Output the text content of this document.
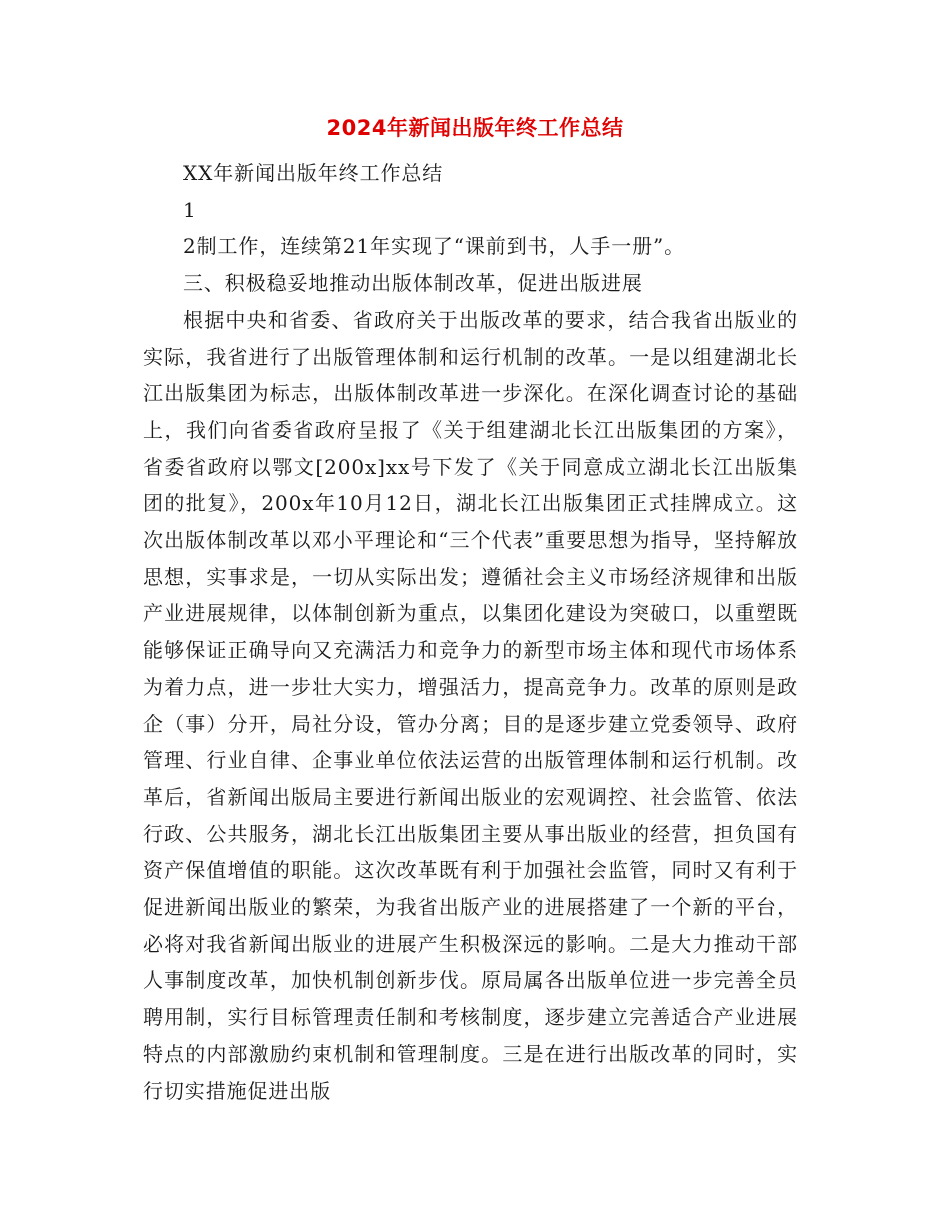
2024年新闻出版年终工作总结

XX年新闻出版年终工作总结

1

2制工作，连续第21年实现了“课前到书，人手一册”。

三、积极稳妥地推动出版体制改革，促进出版进展

根据中央和省委、省政府关于出版改革的要求，结合我省出版业的实际，我省进行了出版管理体制和运行机制的改革。一是以组建湖北长江出版集团为标志，出版体制改革进一步深化。在深化调查讨论的基础上，我们向省委省政府呈报了《关于组建湖北长江出版集团的方案》，省委省政府以鄂文[200x]xx号下发了《关于同意成立湖北长江出版集团的批复》，200x年10月12日，湖北长江出版集团正式挂牌成立。这次出版体制改革以邓小平理论和“三个代表”重要思想为指导，坚持解放思想，实事求是，一切从实际出发；遵循社会主义市场经济规律和出版产业进展规律，以体制创新为重点，以集团化建设为突破口，以重塑既能够保证正确导向又充满活力和竞争力的新型市场主体和现代市场体系为着力点，进一步壮大实力，增强活力，提高竞争力。改革的原则是政企（事）分开，局社分设，管办分离；目的是逐步建立党委领导、政府管理、行业自律、企事业单位依法运营的出版管理体制和运行机制。改革后，省新闻出版局主要进行新闻出版业的宏观调控、社会监管、依法行政、公共服务，湖北长江出版集团主要从事出版业的经营，担负国有资产保值增值的职能。这次改革既有利于加强社会监管，同时又有利于促进新闻出版业的繁荣，为我省出版产业的进展搭建了一个新的平台，必将对我省新闻出版业的进展产生积极深远的影响。二是大力推动干部人事制度改革，加快机制创新步伐。原局属各出版单位进一步完善全员聘用制，实行目标管理责任制和考核制度，逐步建立完善适合产业进展特点的内部激励约束机制和管理制度。三是在进行出版改革的同时，实行切实措施促进出版
